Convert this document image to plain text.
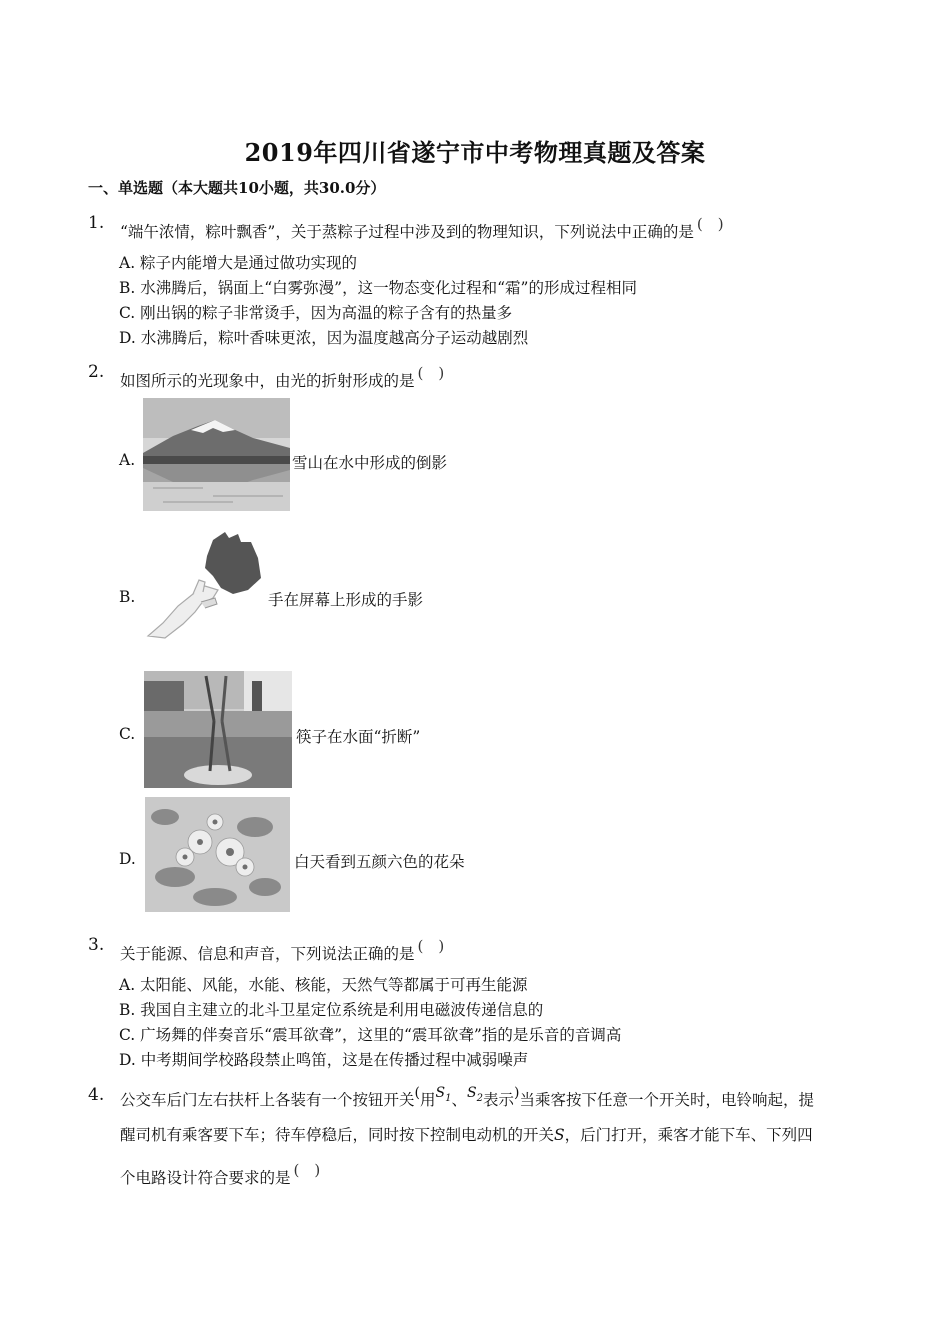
2019年四川省遂宁市中考物理真题及答案
一、单选题（本大题共10小题，共30.0分）
1. “端午浓情，粽叶飘香”，关于蒸粽子过程中涉及到的物理知识，下列说法中正确的是 (　)
A. 粽子内能增大是通过做功实现的
B. 水沸腾后，锅面上“白雾弥漫”，这一物态变化过程和“霜”的形成过程相同
C. 刚出锅的粽子非常烫手，因为高温的粽子含有的热量多
D. 水沸腾后，粽叶香味更浓，因为温度越高分子运动越剧烈
2. 如图所示的光现象中，由光的折射形成的是 (　)
A.	雪山在水中形成的倒影
B.	手在屏幕上形成的手影
C.	筷子在水面“折断”
D.	白天看到五颜六色的花朵
3. 关于能源、信息和声音，下列说法正确的是 (　)
A. 太阳能、风能，水能、核能，天然气等都属于可再生能源
B. 我国自主建立的北斗卫星定位系统是利用电磁波传递信息的
C. 广场舞的伴奏音乐“震耳欲聋”，这里的“震耳欲聋”指的是乐音的音调高
D. 中考期间学校路段禁止鸣笛，这是在传播过程中减弱噪声
4. 公交车后门左右扶杆上各装有一个按钮开关(用$S_1$、$S_2$表示)当乘客按下任意一个开关时，电铃响起，提
醒司机有乘客要下车；待车停稳后，同时按下控制电动机的开关S，后门打开，乘客才能下车、下列四
个电路设计符合要求的是 (　)
